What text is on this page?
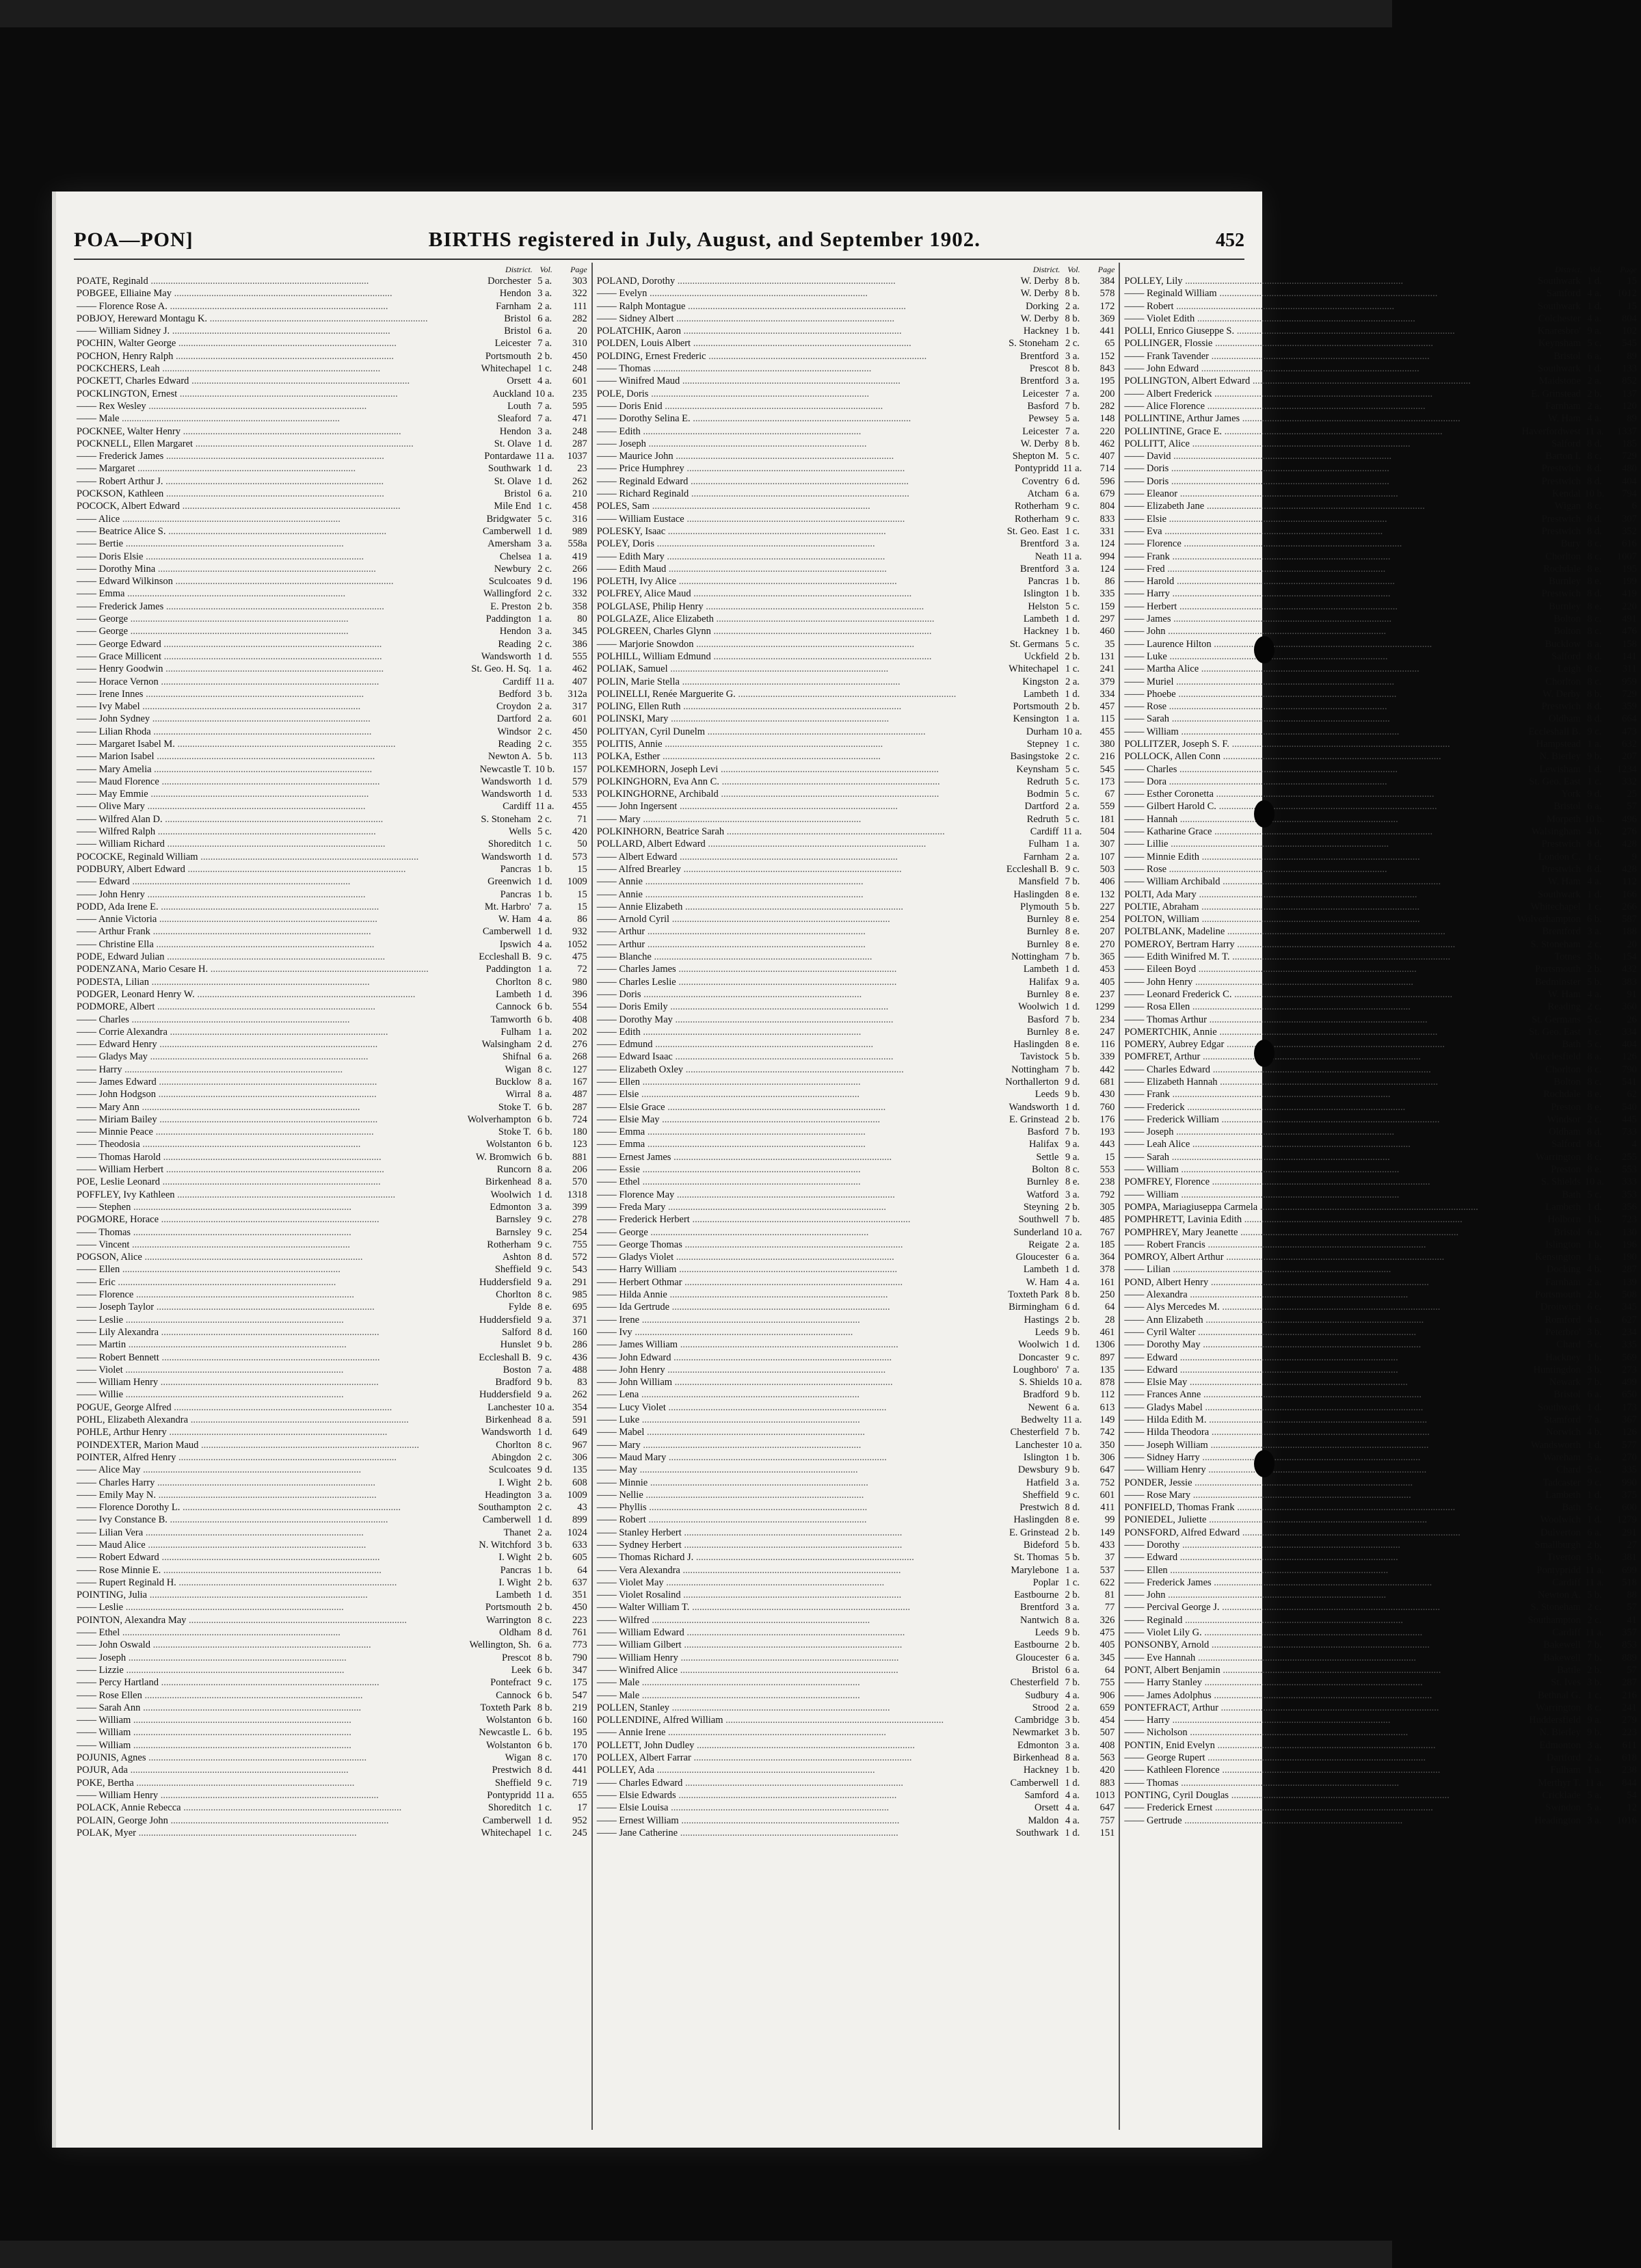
POA—PON]	BIRTHS registered in July, August, and September 1902.	452
District. Vol.	Page
POATE, Reginald .....	Dorchester 5 a.	303
POBGEE, Elliaine May .....	Hendon 3 a.	322
—— Florence Rose A. .....	Farnham 2 a.	111
POBJOY, Hereward Montagu K. .....	Bristol 6 a.	282
—— William Sidney J. .....	Bristol 6 a.	20
POCHIN, Walter George .....	Leicester 7 a.	310
POCHON, Henry Ralph .....	Portsmouth 2 b.	450
POCKCHERS, Leah .....	Whitechapel 1 c.	248
POCKETT, Charles Edward .....	Orsett 4 a.	601
POCKLINGTON, Ernest .....	Auckland 10 a.	235
—— Rex Wesley .....	Louth 7 a.	595
—— Male .....	Sleaford 7 a.	471
POCKNEE, Walter Henry .....	Hendon 3 a.	248
POCKNELL, Ellen Margaret .....	St. Olave 1 d.	287
—— Frederick James .....	Pontardawe 11 a.	1037
—— Margaret .....	Southwark 1 d.	23
—— Robert Arthur J. .....	St. Olave 1 d.	262
POCKSON, Kathleen .....	Bristol 6 a.	210
POCOCK, Albert Edward .....	Mile End 1 c.	458
—— Alice .....	Bridgwater 5 c.	316
—— Beatrice Alice S. .....	Camberwell 1 d.	989
—— Bertie .....	Amersham 3 a.	558a
—— Doris Elsie .....	Chelsea 1 a.	419
—— Dorothy Mina .....	Newbury 2 c.	266
—— Edward Wilkinson .....	Sculcoates 9 d.	196
—— Emma .....	Wallingford 2 c.	332
—— Frederick James .....	E. Preston 2 b.	358
—— George .....	Paddington 1 a.	80
—— George .....	Hendon 3 a.	345
—— George Edward .....	Reading 2 c.	386
—— Grace Millicent .....	Wandsworth 1 d.	555
—— Henry Goodwin .....	St. Geo. H. Sq. 1 a.	462
—— Horace Vernon .....	Cardiff 11 a.	407
—— Irene Innes .....	Bedford 3 b.	312a
—— Ivy Mabel .....	Croydon 2 a.	317
—— John Sydney .....	Dartford 2 a.	601
—— Lilian Rhoda .....	Windsor 2 c.	450
—— Margaret Isabel M. .....	Reading 2 c.	355
—— Marion Isabel .....	Newton A. 5 b.	113
—— Mary Amelia .....	Newcastle T. 10 b.	157
—— Maud Florence .....	Wandsworth 1 d.	579
—— May Emmie .....	Wandsworth 1 d.	533
—— Olive Mary .....	Cardiff 11 a.	455
—— Wilfred Alan D. .....	S. Stoneham 2 c.	71
—— Wilfred Ralph .....	Wells 5 c.	420
—— William Richard .....	Shoreditch 1 c.	50
POCOCKE, Reginald William .....	Wandsworth 1 d.	573
PODBURY, Albert Edward .....	Pancras 1 b.	15
—— Edward .....	Greenwich 1 d.	1009
—— John Henry .....	Pancras 1 b.	15
PODD, Ada Irene E. .....	Mt. Harbro' 7 a.	15
—— Annie Victoria .....	W. Ham 4 a.	86
—— Arthur Frank .....	Camberwell 1 d.	932
—— Christine Ella .....	Ipswich 4 a.	1052
PODE, Edward Julian .....	Eccleshall B. 9 c.	475
PODENZANA, Mario Cesare H. .....	Paddington 1 a.	72
PODESTA, Lilian .....	Chorlton 8 c.	980
PODGER, Leonard Henry W. .....	Lambeth 1 d.	396
PODMORE, Albert .....	Cannock 6 b.	554
—— Charles .....	Tamworth 6 b.	408
—— Corrie Alexandra .....	Fulham 1 a.	202
—— Edward Henry .....	Walsingham 2 d.	276
—— Gladys May .....	Shifnal 6 a.	268
—— Harry .....	Wigan 8 c.	127
—— James Edward .....	Bucklow 8 a.	167
—— John Hodgson .....	Wirral 8 a.	487
—— Mary Ann .....	Stoke T. 6 b.	287
—— Miriam Bailey .....	Wolverhampton 6 b.	724
—— Minnie Peace .....	Stoke T. 6 b.	180
—— Theodosia .....	Wolstanton 6 b.	123
—— Thomas Harold .....	W. Bromwich 6 b.	881
—— William Herbert .....	Runcorn 8 a.	206
POE, Leslie Leonard .....	Birkenhead 8 a.	570
POFFLEY, Ivy Kathleen .....	Woolwich 1 d.	1318
—— Stephen .....	Edmonton 3 a.	399
POGMORE, Horace .....	Barnsley 9 c.	278
—— Thomas .....	Barnsley 9 c.	254
—— Vincent .....	Rotherham 9 c.	755
POGSON, Alice .....	Ashton 8 d.	572
—— Ellen .....	Sheffield 9 c.	543
—— Eric .....	Huddersfield 9 a.	291
—— Florence .....	Chorlton 8 c.	985
—— Joseph Taylor .....	Fylde 8 e.	695
—— Leslie .....	Huddersfield 9 a.	371
—— Lily Alexandra .....	Salford 8 d.	160
—— Martin .....	Hunslet 9 b.	286
—— Robert Bennett .....	Eccleshall B. 9 c.	436
—— Violet .....	Boston 7 a.	488
—— William Henry .....	Bradford 9 b.	83
—— Willie .....	Huddersfield 9 a.	262
POGUE, George Alfred .....	Lanchester 10 a.	354
POHL, Elizabeth Alexandra .....	Birkenhead 8 a.	591
POHLE, Arthur Henry .....	Wandsworth 1 d.	649
POINDEXTER, Marion Maud .....	Chorlton 8 c.	967
POINTER, Alfred Henry .....	Abingdon 2 c.	306
—— Alice May .....	Sculcoates 9 d.	135
—— Charles Harry .....	I. Wight 2 b.	608
—— Emily May N. .....	Headington 3 a.	1009
—— Florence Dorothy L. .....	Southampton 2 c.	43
—— Ivy Constance B. .....	Camberwell 1 d.	899
—— Lilian Vera .....	Thanet 2 a.	1024
—— Maud Alice .....	N. Witchford 3 b.	633
—— Robert Edward .....	I. Wight 2 b.	605
—— Rose Minnie E. .....	Pancras 1 b.	64
—— Rupert Reginald H. .....	I. Wight 2 b.	637
POINTING, Julia .....	Lambeth 1 d.	351
—— Leslie .....	Portsmouth 2 b.	450
POINTON, Alexandra May .....	Warrington 8 c.	223
—— Ethel .....	Oldham 8 d.	761
—— John Oswald .....	Wellington, Sh. 6 a.	773
—— Joseph .....	Prescot 8 b.	790
—— Lizzie .....	Leek 6 b.	347
—— Percy Hartland .....	Pontefract 9 c.	175
—— Rose Ellen .....	Cannock 6 b.	547
—— Sarah Ann .....	Toxteth Park 8 b.	219
—— William .....	Wolstanton 6 b.	160
—— William .....	Newcastle L. 6 b.	195
—— William .....	Wolstanton 6 b.	170
POJUNIS, Agnes .....	Wigan 8 c.	170
POJUR, Ada .....	Prestwich 8 d.	441
POKE, Bertha .....	Sheffield 9 c.	719
—— William Henry .....	Pontypridd 11 a.	655
POLACK, Annie Rebecca .....	Shoreditch 1 c.	17
POLAIN, George John .....	Camberwell 1 d.	952
POLAK, Myer .....	Whitechapel 1 c.	245
District. Vol.	Page
POLAND, Dorothy .....	W. Derby 8 b.	384
—— Evelyn .....	W. Derby 8 b.	578
—— Ralph Montague .....	Dorking 2 a.	172
—— Sidney Albert .....	W. Derby 8 b.	369
POLATCHIK, Aaron .....	Hackney 1 b.	441
POLDEN, Louis Albert .....	S. Stoneham 2 c.	65
POLDING, Ernest Frederic .....	Brentford 3 a.	152
—— Thomas .....	Prescot 8 b.	843
—— Winifred Maud .....	Brentford 3 a.	195
POLE, Doris .....	Leicester 7 a.	200
—— Doris Enid .....	Basford 7 b.	282
—— Dorothy Selina E. .....	Pewsey 5 a.	148
—— Edith .....	Leicester 7 a.	220
—— Joseph .....	W. Derby 8 b.	462
—— Maurice John .....	Shepton M. 5 c.	407
—— Price Humphrey .....	Pontypridd 11 a.	714
—— Reginald Edward .....	Coventry 6 d.	596
—— Richard Reginald .....	Atcham 6 a.	679
POLES, Sam .....	Rotherham 9 c.	804
—— William Eustace .....	Rotherham 9 c.	833
POLESKY, Isaac .....	St. Geo. East 1 c.	331
POLEY, Doris .....	Brentford 3 a.	124
—— Edith Mary .....	Neath 11 a.	994
—— Edith Maud .....	Brentford 3 a.	124
POLETH, Ivy Alice .....	Pancras 1 b.	86
POLFREY, Alice Maud .....	Islington 1 b.	335
POLGLASE, Philip Henry .....	Helston 5 c.	159
POLGLAZE, Alice Elizabeth .....	Lambeth 1 d.	297
POLGREEN, Charles Glynn .....	Hackney 1 b.	460
—— Marjorie Snowdon .....	St. Germans 5 c.	35
POLHILL, William Edmund .....	Uckfield 2 b.	131
POLIAK, Samuel .....	Whitechapel 1 c.	241
POLIN, Marie Stella .....	Kingston 2 a.	379
POLINELLI, Renée Marguerite G. .....	Lambeth 1 d.	334
POLING, Ellen Ruth .....	Portsmouth 2 b.	457
POLINSKI, Mary .....	Kensington 1 a.	115
POLITYAN, Cyril Dunelm .....	Durham 10 a.	455
POLITIS, Annie .....	Stepney 1 c.	380
POLKA, Esther .....	Basingstoke 2 c.	216
POLKEMHORN, Joseph Levi .....	Keynsham 5 c.	545
POLKINGHORN, Eva Ann C. .....	Redruth 5 c.	173
POLKINGHORNE, Archibald .....	Bodmin 5 c.	67
—— John Ingersent .....	Dartford 2 a.	559
—— Mary .....	Redruth 5 c.	181
POLKINHORN, Beatrice Sarah .....	Cardiff 11 a.	504
POLLARD, Albert Edward .....	Fulham 1 a.	307
—— Albert Edward .....	Farnham 2 a.	107
—— Alfred Brearley .....	Eccleshall B. 9 c.	503
—— Annie .....	Mansfield 7 b.	406
—— Annie .....	Haslingden 8 e.	132
—— Annie Elizabeth .....	Plymouth 5 b.	227
—— Arnold Cyril .....	Burnley 8 e.	254
—— Arthur .....	Burnley 8 e.	207
—— Arthur .....	Burnley 8 e.	270
—— Blanche .....	Nottingham 7 b.	365
—— Charles James .....	Lambeth 1 d.	453
—— Charles Leslie .....	Halifax 9 a.	405
—— Doris .....	Burnley 8 e.	237
—— Doris Emily .....	Woolwich 1 d.	1299
—— Dorothy May .....	Basford 7 b.	234
—— Edith .....	Burnley 8 e.	247
—— Edmund .....	Haslingden 8 e.	116
—— Edward Isaac .....	Tavistock 5 b.	339
—— Elizabeth Oxley .....	Nottingham 7 b.	442
—— Ellen .....	Northallerton 9 d.	681
—— Elsie .....	Leeds 9 b.	430
—— Elsie Grace .....	Wandsworth 1 d.	760
—— Elsie May .....	E. Grinstead 2 b.	176
—— Emma .....	Basford 7 b.	193
—— Emma .....	Halifax 9 a.	443
—— Ernest James .....	Settle 9 a.	15
—— Essie .....	Bolton 8 c.	553
—— Ethel .....	Burnley 8 e.	238
—— Florence May .....	Watford 3 a.	792
—— Freda Mary .....	Steyning 2 b.	305
—— Frederick Herbert .....	Southwell 7 b.	485
—— George .....	Sunderland 10 a.	767
—— George Thomas .....	Reigate 2 a.	185
—— Gladys Violet .....	Gloucester 6 a.	364
—— Harry William .....	Lambeth 1 d.	378
—— Herbert Othmar .....	W. Ham 4 a.	161
—— Hilda Annie .....	Toxteth Park 8 b.	250
—— Ida Gertrude .....	Birmingham 6 d.	64
—— Irene .....	Hastings 2 b.	28
—— Ivy .....	Leeds 9 b.	461
—— James William .....	Woolwich 1 d.	1306
—— John Edward .....	Doncaster 9 c.	897
—— John Henry .....	Loughboro' 7 a.	135
—— John William .....	S. Shields 10 a.	878
—— Lena .....	Bradford 9 b.	112
—— Lucy Violet .....	Newent 6 a.	613
—— Luke .....	Bedwelty 11 a.	149
—— Mabel .....	Chesterfield 7 b.	742
—— Mary .....	Lanchester 10 a.	350
—— Maud Mary .....	Islington 1 b.	306
—— May .....	Dewsbury 9 b.	647
—— Minnie .....	Hatfield 3 a.	752
—— Nellie .....	Sheffield 9 c.	601
—— Phyllis .....	Prestwich 8 d.	411
—— Robert .....	Haslingden 8 e.	99
—— Stanley Herbert .....	E. Grinstead 2 b.	149
—— Sydney Herbert .....	Bideford 5 b.	433
—— Thomas Richard J. .....	St. Thomas 5 b.	37
—— Vera Alexandra .....	Marylebone 1 a.	537
—— Violet May .....	Poplar 1 c.	622
—— Violet Rosalind .....	Eastbourne 2 b.	81
—— Walter William T. .....	Brentford 3 a.	77
—— Wilfred .....	Nantwich 8 a.	326
—— William Edward .....	Leeds 9 b.	475
—— William Gilbert .....	Eastbourne 2 b.	405
—— William Henry .....	Gloucester 6 a.	345
—— Winifred Alice .....	Bristol 6 a.	64
—— Male .....	Chesterfield 7 b.	755
—— Male .....	Sudbury 4 a.	906
POLLEN, Stanley .....	Strood 2 a.	659
POLLENDINE, Alfred William .....	Cambridge 3 b.	454
—— Annie Irene .....	Newmarket 3 b.	507
POLLETT, John Dudley .....	Edmonton 3 a.	408
POLLEX, Albert Farrar .....	Birkenhead 8 a.	563
POLLEY, Ada .....	Hackney 1 b.	420
—— Charles Edward .....	Camberwell 1 d.	883
—— Elsie Edwards .....	Samford 4 a.	1013
—— Elsie Louisa .....	Orsett 4 a.	647
—— Ernest William .....	Maldon 4 a.	757
—— Jane Catherine .....	Southwark 1 d.	151
District. Vol.	Page
POLLEY, Lily .....	Southwark 1 d.	15
—— Reginald William .....	Samford 4 a.	1012
—— Robert .....	Southwark 1 d.	15
—— Violet Edith .....	Colchester 4 a.	804
POLLI, Enrico Giuseppe S. .....	Knaresbro' 9 a.	102
POLLINGER, Flossie .....	Keynsham 5 c.	545
—— Frank Tavender .....	Bristol 6 a.	89
—— John Edward .....	Southwark 1 d.	133
POLLINGTON, Albert Edward .....	Maidstone 2 a.	852
—— Albert Frederick .....	E. Grinstead 2 b.	137
—— Alice Florence .....	Farnham 2 a.	120
POLLINTINE, Arthur James .....	W. Ham 4 a.	89
POLLINTINE, Grace E. .....	Haverfordwest 11 a.	1337
POLLITT, Alice .....	Salford 8 d.	185
—— David .....	Barton I. 8 c.	729
—— Doris .....	Prestwich 8 d.	480
—— Doris .....	Prestwich 8 d.	404
—— Eleanor .....	Kendal 10 b.	794
—— Elizabeth Jane .....	Wigan 8 c.	6
—— Elsie .....	Prestwich 8 d.	307
—— Eva .....	Prestwich 8 d.	352
—— Florence .....	Bury 8 c.	616
—— Frank .....	Chorlton 8 c.	1007
—— Fred .....	Rochdale 8 e.	195
—— Harold .....	Burnley 8 e.	199
—— Harry .....	Prestwich 8 d.	419
—— Herbert .....	Burnley 8 e.	220
—— James .....	Bolton 8 c.	491
—— John .....	Bolton 8 c.	476
—— Laurence Hilton .....	Bucklow 8 a.	158
—— Luke .....	Salford 8 d.	141
—— Martha Alice .....	Leigh 8 c.	311
—— Muriel .....	Chorlton 8 c.	959
—— Phoebe .....	W. Derby 8 b.	729
—— Rose .....	Prestwich 8 d.	359
—— Sarah .....	Oldham 8 d.	664
—— William .....	Eccleshall B. 9 c.	473
POLLITZER, Joseph S. F. .....	Hampstead 1 a.	632
POLLOCK, Allen Conn .....	N. Bierley 9 b.	207
—— Charles .....	Lewisham 1 d.	1234
—— Dora .....	St. Geo. East 1 c.	332
—— Esther Coronetta .....	York 9 d.	25
—— Gilbert Harold C. .....	Bristol 6 a.	57
—— Hannah .....	Morpeth 10 b.	496
—— Katharine Grace .....	Walsingham 4 b.	276
—— Lillie .....	Prestwich 8 d.	428
—— Minnie Edith .....	London C. 1 c.	9
—— Rose .....	Prestwich 8 d.	428
—— William Archibald .....	W. Ham 4 a.	112
POLTI, Ada Mary .....	Southwark 1 d.	166
POLTIE, Abraham .....	Whitechapel 1 c.	266
POLTON, William .....	Wolverhampton 6 b.	587
POLTBLANK, Madeline .....	Brentford 3 a.	188
POMEROY, Bertram Harry .....	S. Stoneham 2 c.	20
—— Edith Winifred M. T. .....	Totnes 5 b.	154
—— Eileen Boyd .....	Portsmouth 2 b.	432
—— John Henry .....	Bedminster 5 b.	383
—— Leonard Frederick C. .....	W. Ham 4 a.	91
—— Rosa Ellen .....	Reading 2 c.	360
—— Thomas Arthur .....	St. Germans 5 c.	26
POMERTCHIK, Annie .....	St. Geo. East 1 c.	334
POMERY, Aubrey Edgar .....	Bath 5 c.	404
POMFRET, Arthur .....	Macclesfield 8 a.	126
—— Charles Edward .....	Chorlton 8 c.	790
—— Elizabeth Hannah .....	Bolton 8 c.	541
—— Frank .....	Rochdale 8 e.	62
—— Frederick .....	Preston 8 e.	540
—— Frederick William .....	Windsor 2 c.	445
—— Joseph .....	Oldham 8 d.	733
—— Leah Alice .....	Salford 8 d.	4
—— Sarah .....	Warrington 8 c.	255
—— William .....	Preston 8 e.	553
POMFREY, Florence .....	S. Shields 10 a.	333
—— William .....	Bath 5 c.	353
POMPA, Mariagiuseppa Carmela .....	Lambeth 1 d.	356
POMPHRETT, Lavinia Edith .....	Holborn 1 b.	723
POMPHREY, Mary Jeanette .....	Bristol 6 a.	130
—— Robert Francis .....	Islington 1 b.	196
POMROY, Albert Arthur .....	Kensington 1 a.	190
—— Lilian .....	Docking 4 b.	287
POND, Albert Henry .....	Farnham 2 a.	139
—— Alexandra .....	Portsmouth 2 b.	508
—— Alys Mercedes M. .....	Droitwich 6 c.	345
—— Ann Elizabeth .....	Romford 4 a.	627
—— Cyril Walter .....	Peterbro' 3 b.	234
—— Dorothy May .....	Chard 5 c.	335
—— Edward .....	Hackney 1 b.	569
—— Edward .....	Huntingdon 3 b.	273
—— Elsie May .....	Newark 7 b.	499
—— Frances Anne .....	Bristol 6 a.	650
—— Gladys Mabel .....	Southwark 1 d.	173
—— Hilda Edith M. .....	Stamford 7 a.	367
—— Hilda Theodora .....	Norwich 4 b.	126
—— Joseph William .....	Wandsworth 1 d.	577
—— Sidney Harry .....	Wareham 5 a.	270
—— William Henry .....	Chard 5 c.	335
PONDER, Jessie .....	Tadcaster 9 c.	990
—— Rose Mary .....	Lambeth 1 d.	375
PONFIELD, Thomas Frank .....	Bath 5 c.	600
PONIEDEL, Juliette .....	Woolwich 1 d.	1279
PONSFORD, Alfred Edward .....	Dulverton 6 a.	291
—— Dorothy .....	Smallburgh 2 b.	27
—— Edward .....	Tiverton 5 b.	381
—— Ellen .....	Pontypridd 11 a.	699
—— Frederick James .....	Cardiff 11 a.	518
—— John .....	Newton A. 5 b.	88
—— Percival George J. .....	S. Stoneham 2 c.	57
—— Reginald .....	Southampton 2 c.	41
—— Violet Lily G. .....	Cardiff 11 a.	357
PONSONBY, Arnold .....	Bakewell 7 b.	853
—— Eve Hannah .....	Bakewell 7 b.	889
PONT, Albert Benjamin .....	Battle 2 b.	57
—— Harry Stanley .....	St. Ives 3 b.	287
—— James Adolphus .....	Bethnal G. 1 c.	216
PONTEFRACT, Arthur .....	Warrington 8 c.	241
—— Harry .....	Huddersfield 9 a.	279
—— Nicholson .....	N. Bierley 9 b.	223
PONTIN, Enid Evelyn .....	Edmonton 3 a.	611
—— George Rupert .....	Dartford 2 a.	618
—— Kathleen Florence .....	Fulham 1 a.	238
—— Thomas .....	Merthyr T. 11 a.	844
PONTING, Cyril Douglas .....	Cricklade 5 a.	54
—— Frederick Ernest .....	Swindon 5 a.	12
—— Gertrude .....	Headington 3 a.	1016
